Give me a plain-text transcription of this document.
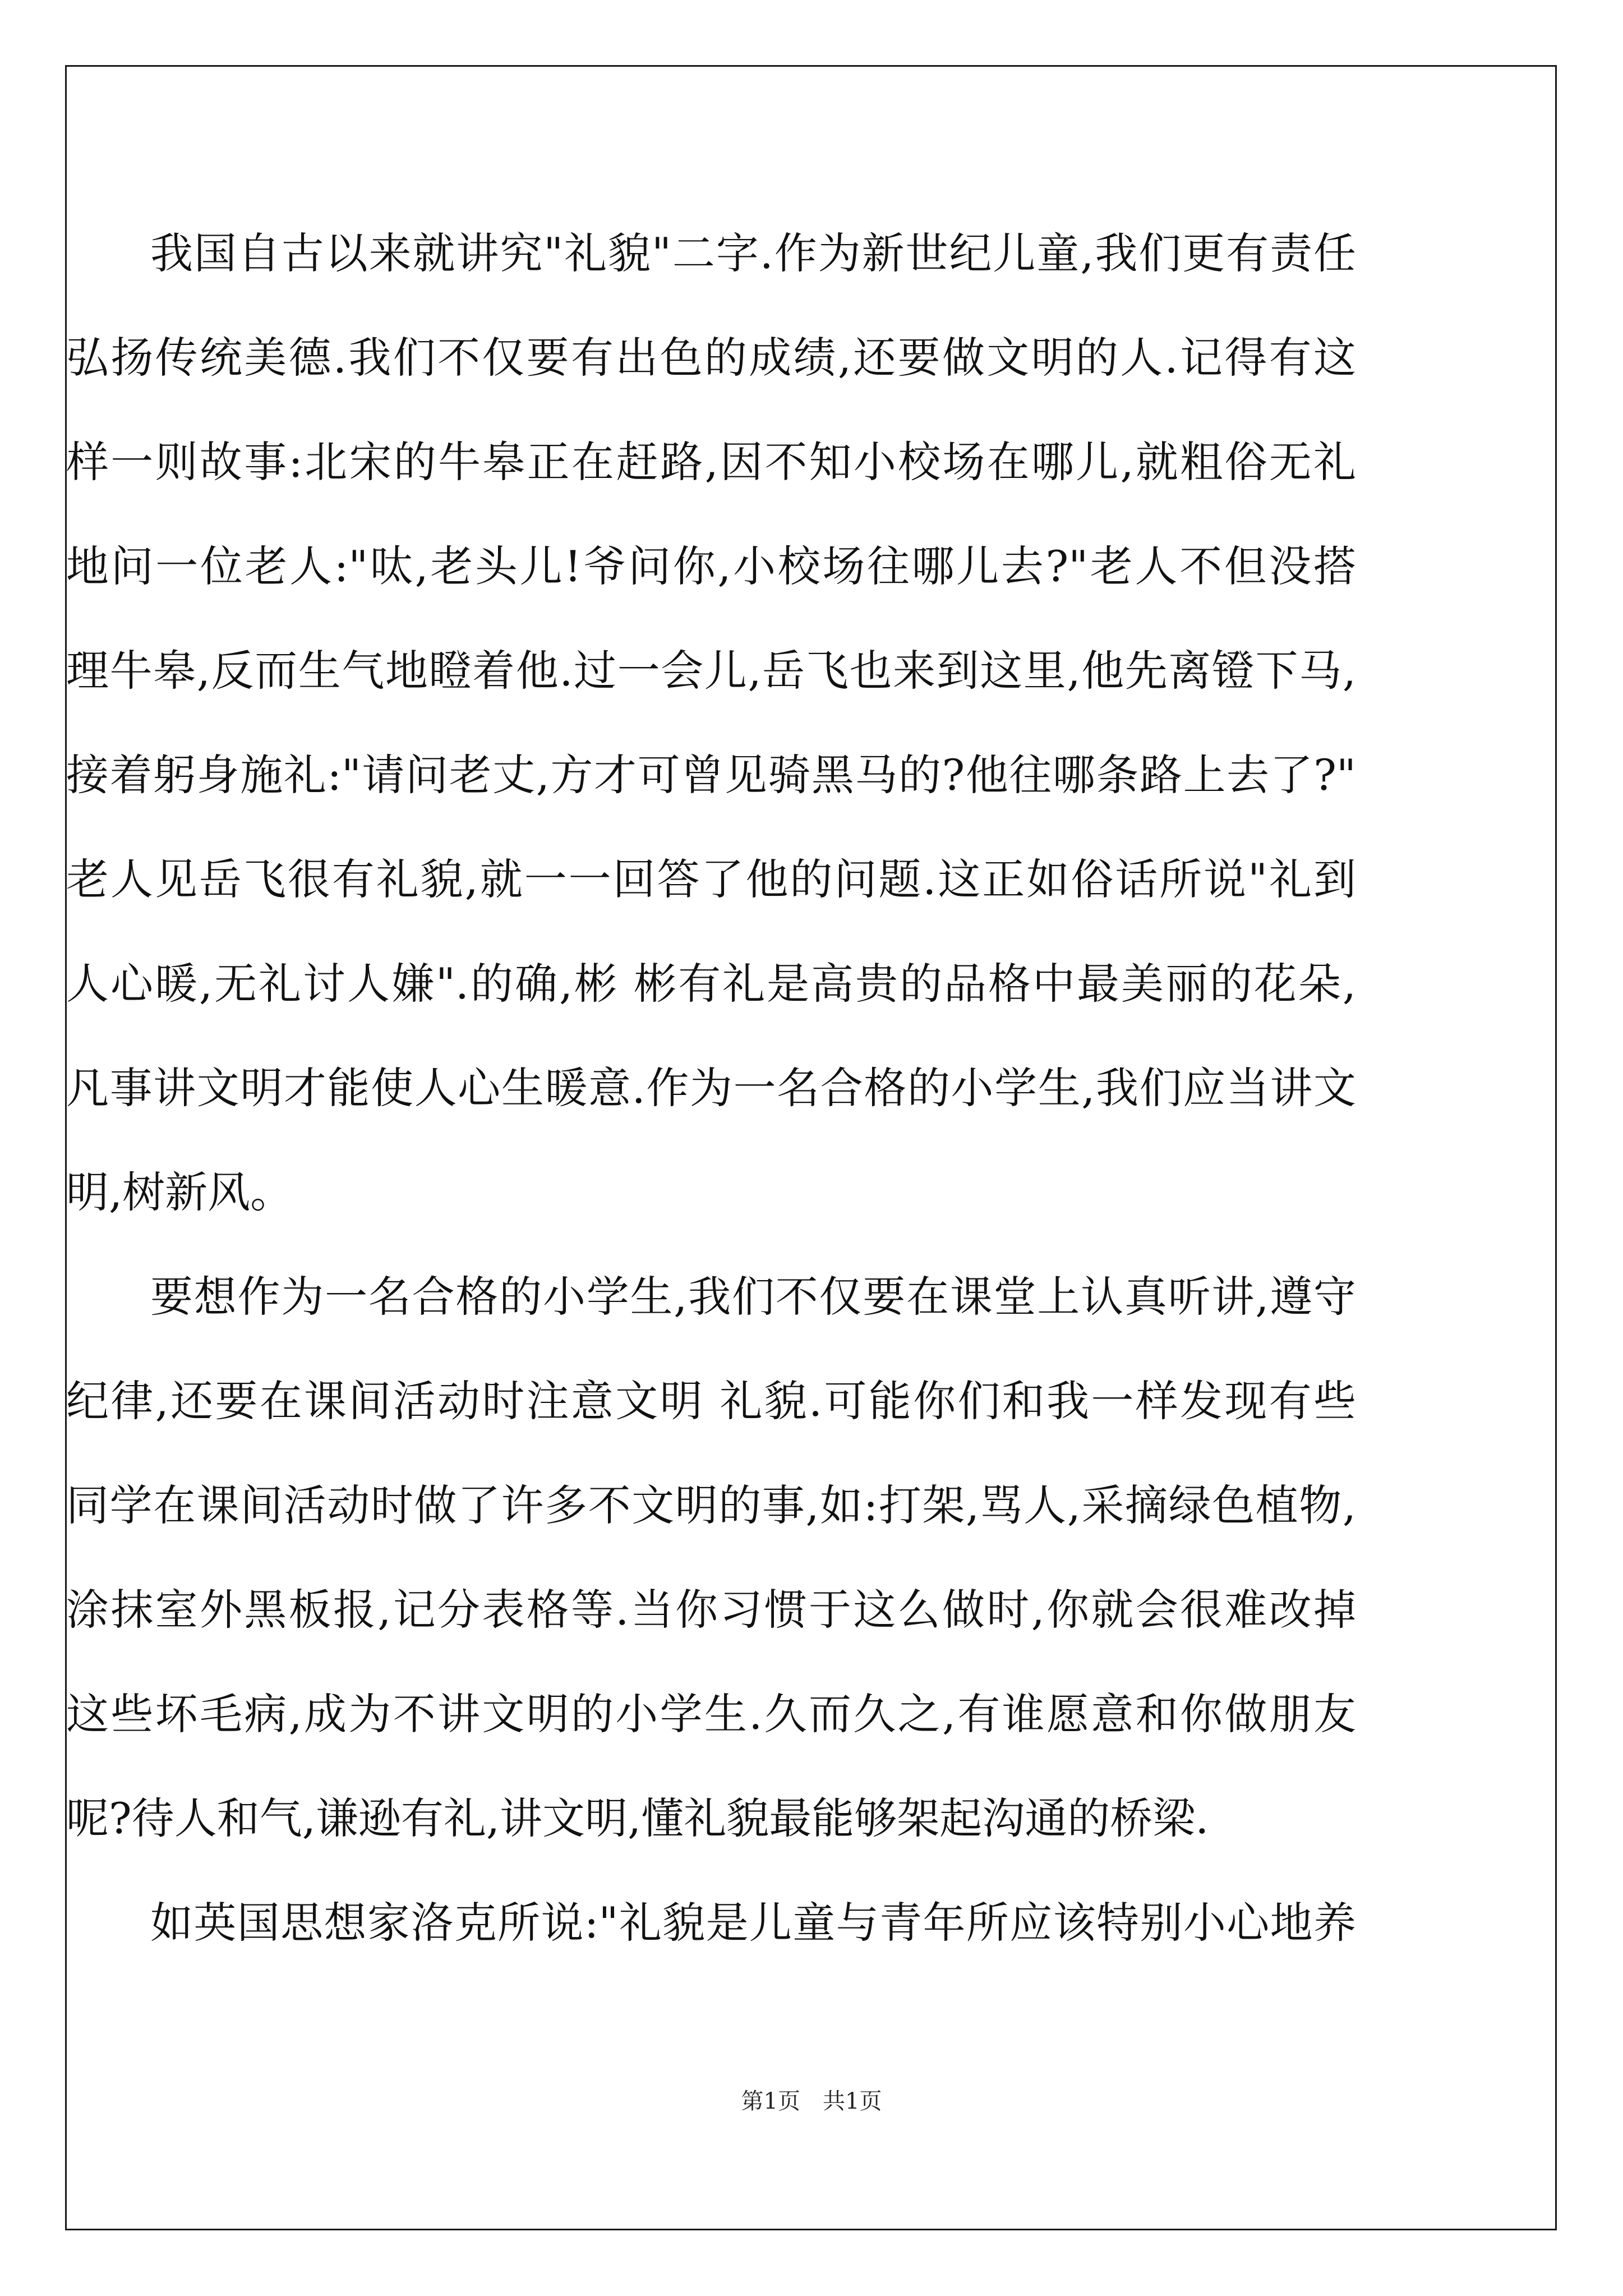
我国自古以来就讲究"礼貌"二字.作为新世纪儿童,我们更有责任
弘扬传统美德.我们不仅要有出色的成绩,还要做文明的人.记得有这
样一则故事:北宋的牛皋正在赶路,因不知小校场在哪儿,就粗俗无礼
地问一位老人:"呔,老头儿!爷问你,小校场往哪儿去?"老人不但没搭
理牛皋,反而生气地瞪着他.过一会儿,岳飞也来到这里,他先离镫下马,
接着躬身施礼:"请问老丈,方才可曾见骑黑马的?他往哪条路上去了?"
老人见岳飞很有礼貌,就一一回答了他的问题.这正如俗话所说"礼到
人心暖,无礼讨人嫌".的确,彬 彬有礼是高贵的品格中最美丽的花朵,
凡事讲文明才能使人心生暖意.作为一名合格的小学生,我们应当讲文
明,树新风。
要想作为一名合格的小学生,我们不仅要在课堂上认真听讲,遵守
纪律,还要在课间活动时注意文明 礼貌.可能你们和我一样发现有些
同学在课间活动时做了许多不文明的事,如:打架,骂人,采摘绿色植物,
涂抹室外黑板报,记分表格等.当你习惯于这么做时,你就会很难改掉
这些坏毛病,成为不讲文明的小学生.久而久之,有谁愿意和你做朋友
呢?待人和气,谦逊有礼,讲文明,懂礼貌最能够架起沟通的桥梁.
如英国思想家洛克所说:"礼貌是儿童与青年所应该特别小心地养
第1页　共1页
